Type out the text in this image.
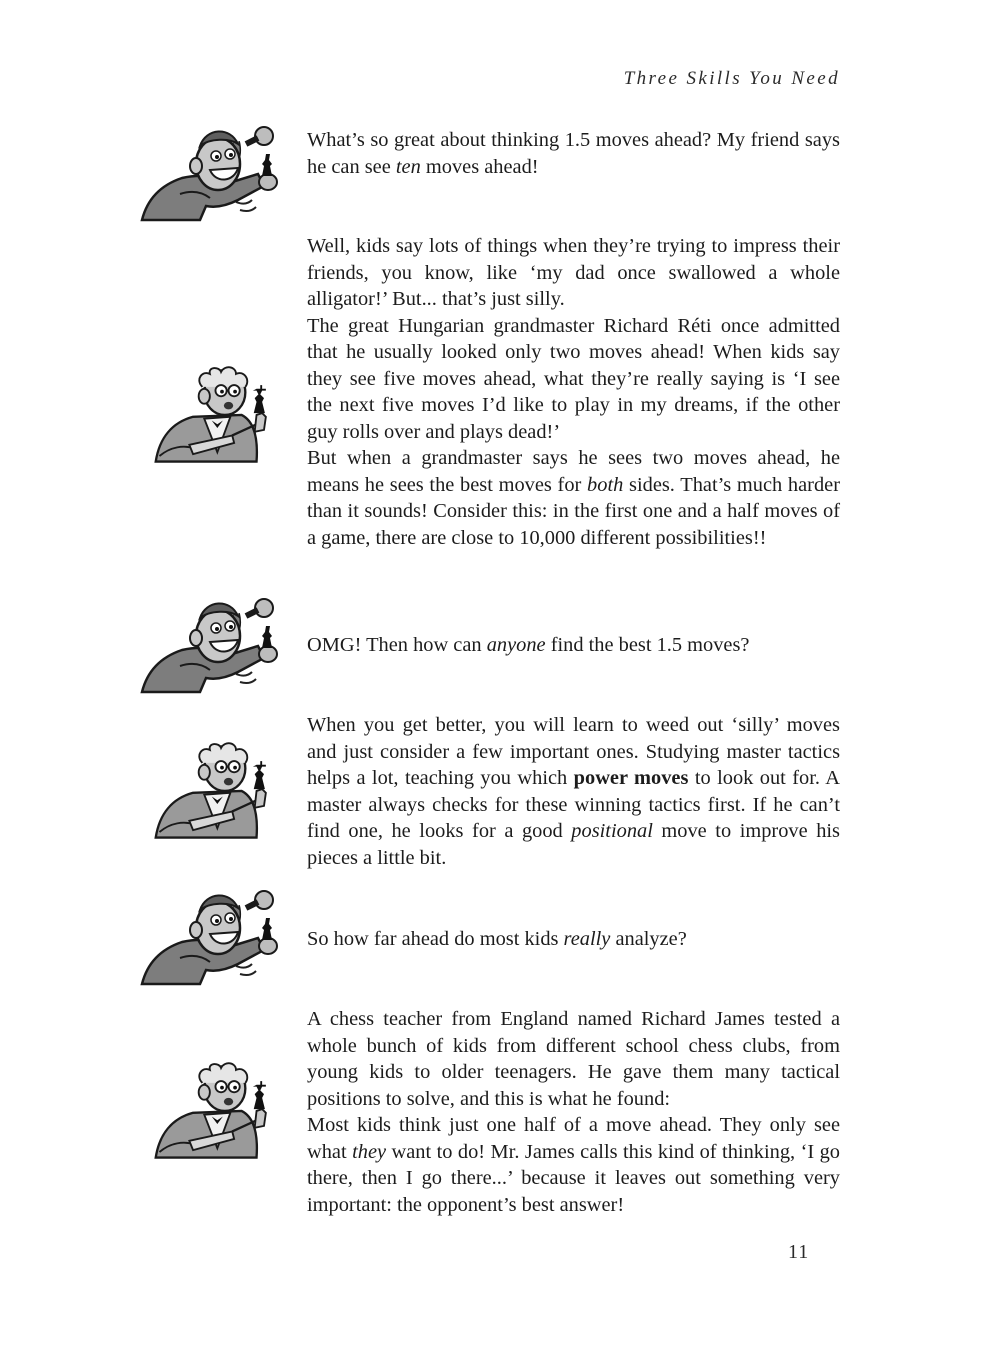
Three Skills You Need

What’s so great about thinking 1.5 moves ahead? My friend says he can see ten moves ahead!

Well, kids say lots of things when they’re trying to impress their friends, you know, like ‘my dad once swallowed a whole alligator!’ But... that’s just silly.

The great Hungarian grandmaster Richard Réti once admitted that he usually looked only two moves ahead! When kids say they see five moves ahead, what they’re really saying is ‘I see the next five moves I’d like to play in my dreams, if the other guy rolls over and plays dead!’

But when a grandmaster says he sees two moves ahead, he means he sees the best moves for both sides. That’s much harder than it sounds! Consider this: in the first one and a half moves of a game, there are close to 10,000 different possibilities!!

OMG! Then how can anyone find the best 1.5 moves?

When you get better, you will learn to weed out ‘silly’ moves and just consider a few important ones. Studying master tactics helps a lot, teaching you which power moves to look out for. A master always checks for these winning tactics first. If he can’t find one, he looks for a good positional move to improve his pieces a little bit.

So how far ahead do most kids really analyze?

A chess teacher from England named Richard James tested a whole bunch of kids from different school chess clubs, from young kids to older teenagers. He gave them many tactical positions to solve, and this is what he found:

Most kids think just one half of a move ahead. They only see what they want to do! Mr. James calls this kind of thinking, ‘I go there, then I go there...’ because it leaves out something very important: the opponent’s best answer!

11
